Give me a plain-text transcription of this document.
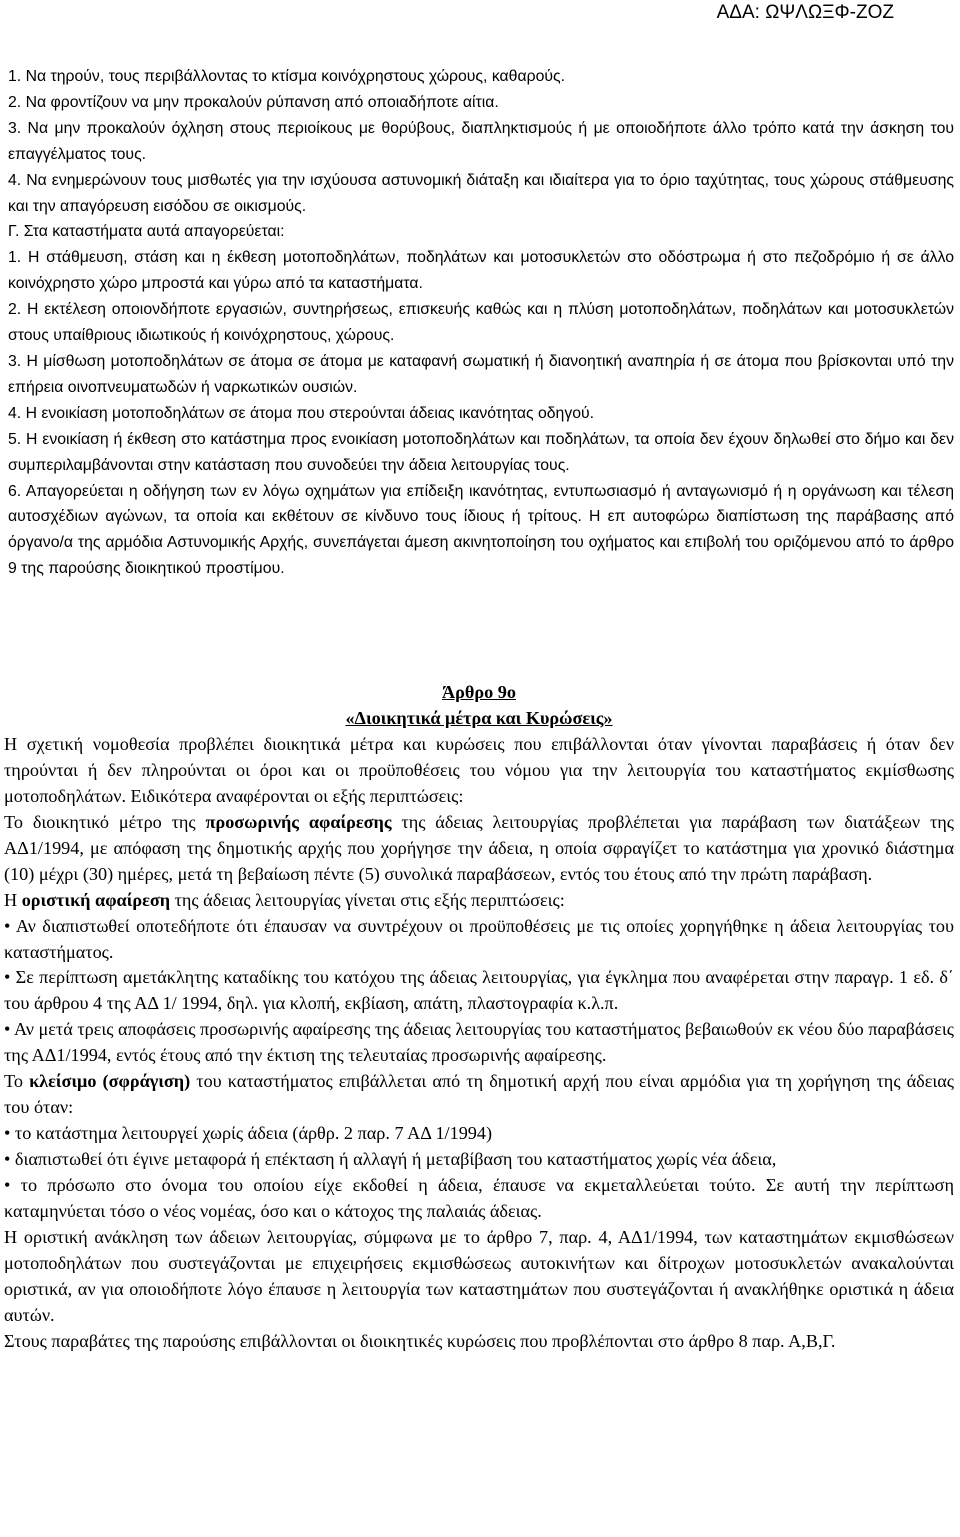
ΑΔΑ: ΩΨΛΩΞΦ-ΖΟΖ

1. Να τηρούν, τους περιβάλλοντας το κτίσμα κοινόχρηστους χώρους, καθαρούς.

2. Να φροντίζουν να μην προκαλούν ρύπανση από οποιαδήποτε αίτια.

3. Να μην προκαλούν όχληση στους περιοίκους με θορύβους, διαπληκτισμούς ή με οποιοδήποτε άλλο τρόπο κατά την άσκηση του επαγγέλματος τους.

4. Να ενημερώνουν τους μισθωτές για την ισχύουσα αστυνομική διάταξη και ιδιαίτερα για το όριο ταχύτητας, τους χώρους στάθμευσης και την απαγόρευση εισόδου σε οικισμούς.

Γ. Στα καταστήματα αυτά απαγορεύεται:

1. Η στάθμευση, στάση και η έκθεση μοτοποδηλάτων, ποδηλάτων και μοτοσυκλετών στο οδόστρωμα ή στο πεζοδρόμιο ή σε άλλο κοινόχρηστο χώρο μπροστά και γύρω από τα καταστήματα.

2. Η εκτέλεση οποιονδήποτε εργασιών, συντηρήσεως, επισκευής καθώς και η πλύση μοτοποδηλάτων, ποδηλάτων και μοτοσυκλετών στους υπαίθριους ιδιωτικούς ή κοινόχρηστους, χώρους.

3. Η μίσθωση μοτοποδηλάτων σε άτομα σε άτομα με καταφανή σωματική ή διανοητική αναπηρία ή σε άτομα που βρίσκονται υπό την επήρεια οινοπνευματωδών ή ναρκωτικών ουσιών.

4. Η ενοικίαση μοτοποδηλάτων σε άτομα που στερούνται άδειας ικανότητας οδηγού.

5. Η ενοικίαση ή έκθεση στο κατάστημα προς ενοικίαση μοτοποδηλάτων και ποδηλάτων, τα οποία δεν έχουν δηλωθεί στο δήμο και δεν συμπεριλαμβάνονται στην κατάσταση που συνοδεύει την άδεια λειτουργίας τους.

6. Απαγορεύεται η οδήγηση των εν λόγω οχημάτων για επίδειξη ικανότητας, εντυπωσιασμό ή ανταγωνισμό ή η οργάνωση και τέλεση αυτοσχέδιων αγώνων, τα οποία και εκθέτουν σε κίνδυνο τους ίδιους ή τρίτους. Η επ αυτοφώρω διαπίστωση της παράβασης από όργανο/α της αρμόδια Αστυνομικής Αρχής, συνεπάγεται άμεση ακινητοποίηση του οχήματος και επιβολή του οριζόμενου από το άρθρο 9 της παρούσης διοικητικού προστίμου.

Άρθρο 9ο

«Διοικητικά μέτρα και Κυρώσεις»

Η σχετική νομοθεσία προβλέπει διοικητικά μέτρα και κυρώσεις που επιβάλλονται όταν γίνονται παραβάσεις ή όταν δεν τηρούνται ή δεν πληρούνται οι όροι και οι προϋποθέσεις του νόμου για την λειτουργία του καταστήματος εκμίσθωσης μοτοποδηλάτων. Ειδικότερα αναφέρονται οι εξής περιπτώσεις:

Το διοικητικό μέτρο της προσωρινής αφαίρεσης της άδειας λειτουργίας προβλέπεται για παράβαση των διατάξεων της ΑΔ1/1994, με απόφαση της δημοτικής αρχής που χορήγησε την άδεια, η οποία σφραγίζετ το κατάστημα για χρονικό διάστημα (10) μέχρι (30) ημέρες, μετά τη βεβαίωση πέντε (5) συνολικά παραβάσεων, εντός του έτους από την πρώτη παράβαση.

Η οριστική αφαίρεση της άδειας λειτουργίας γίνεται στις εξής περιπτώσεις:

• Αν διαπιστωθεί οποτεδήποτε ότι έπαυσαν να συντρέχουν οι προϋποθέσεις με τις οποίες χορηγήθηκε η άδεια λειτουργίας του καταστήματος.

• Σε περίπτωση αμετάκλητης καταδίκης του κατόχου της άδειας λειτουργίας, για έγκλημα που αναφέρεται στην παραγρ. 1 εδ. δ΄ του άρθρου 4 της ΑΔ 1/ 1994, δηλ. για κλοπή, εκβίαση, απάτη, πλαστογραφία κ.λ.π.

• Αν μετά τρεις αποφάσεις προσωρινής αφαίρεσης της άδειας λειτουργίας του καταστήματος βεβαιωθούν εκ νέου δύο παραβάσεις της ΑΔ1/1994, εντός έτους από την έκτιση της τελευταίας προσωρινής αφαίρεσης.

Το κλείσιμο (σφράγιση) του καταστήματος επιβάλλεται από τη δημοτική αρχή που είναι αρμόδια για τη χορήγηση της άδειας του όταν:

• το κατάστημα λειτουργεί χωρίς άδεια (άρθρ. 2 παρ. 7 ΑΔ 1/1994)

• διαπιστωθεί ότι έγινε μεταφορά ή επέκταση ή αλλαγή ή μεταβίβαση του καταστήματος χωρίς νέα άδεια,

• το πρόσωπο στο όνομα του οποίου είχε εκδοθεί η άδεια, έπαυσε να εκμεταλλεύεται τούτο. Σε αυτή την περίπτωση καταμηνύεται τόσο ο νέος νομέας, όσο και ο κάτοχος της παλαιάς άδειας.

Η οριστική ανάκληση των άδειων λειτουργίας, σύμφωνα με το άρθρο 7, παρ. 4, ΑΔ1/1994, των καταστημάτων εκμισθώσεων μοτοποδηλάτων που συστεγάζονται με επιχειρήσεις εκμισθώσεως αυτοκινήτων και δίτροχων μοτοσυκλετών ανακαλούνται οριστικά, αν για οποιοδήποτε λόγο έπαυσε η λειτουργία των καταστημάτων που συστεγάζονται ή ανακλήθηκε οριστικά η άδεια αυτών.

Στους παραβάτες της παρούσης επιβάλλονται οι διοικητικές κυρώσεις που προβλέπονται στο άρθρο 8 παρ. Α,Β,Γ.
